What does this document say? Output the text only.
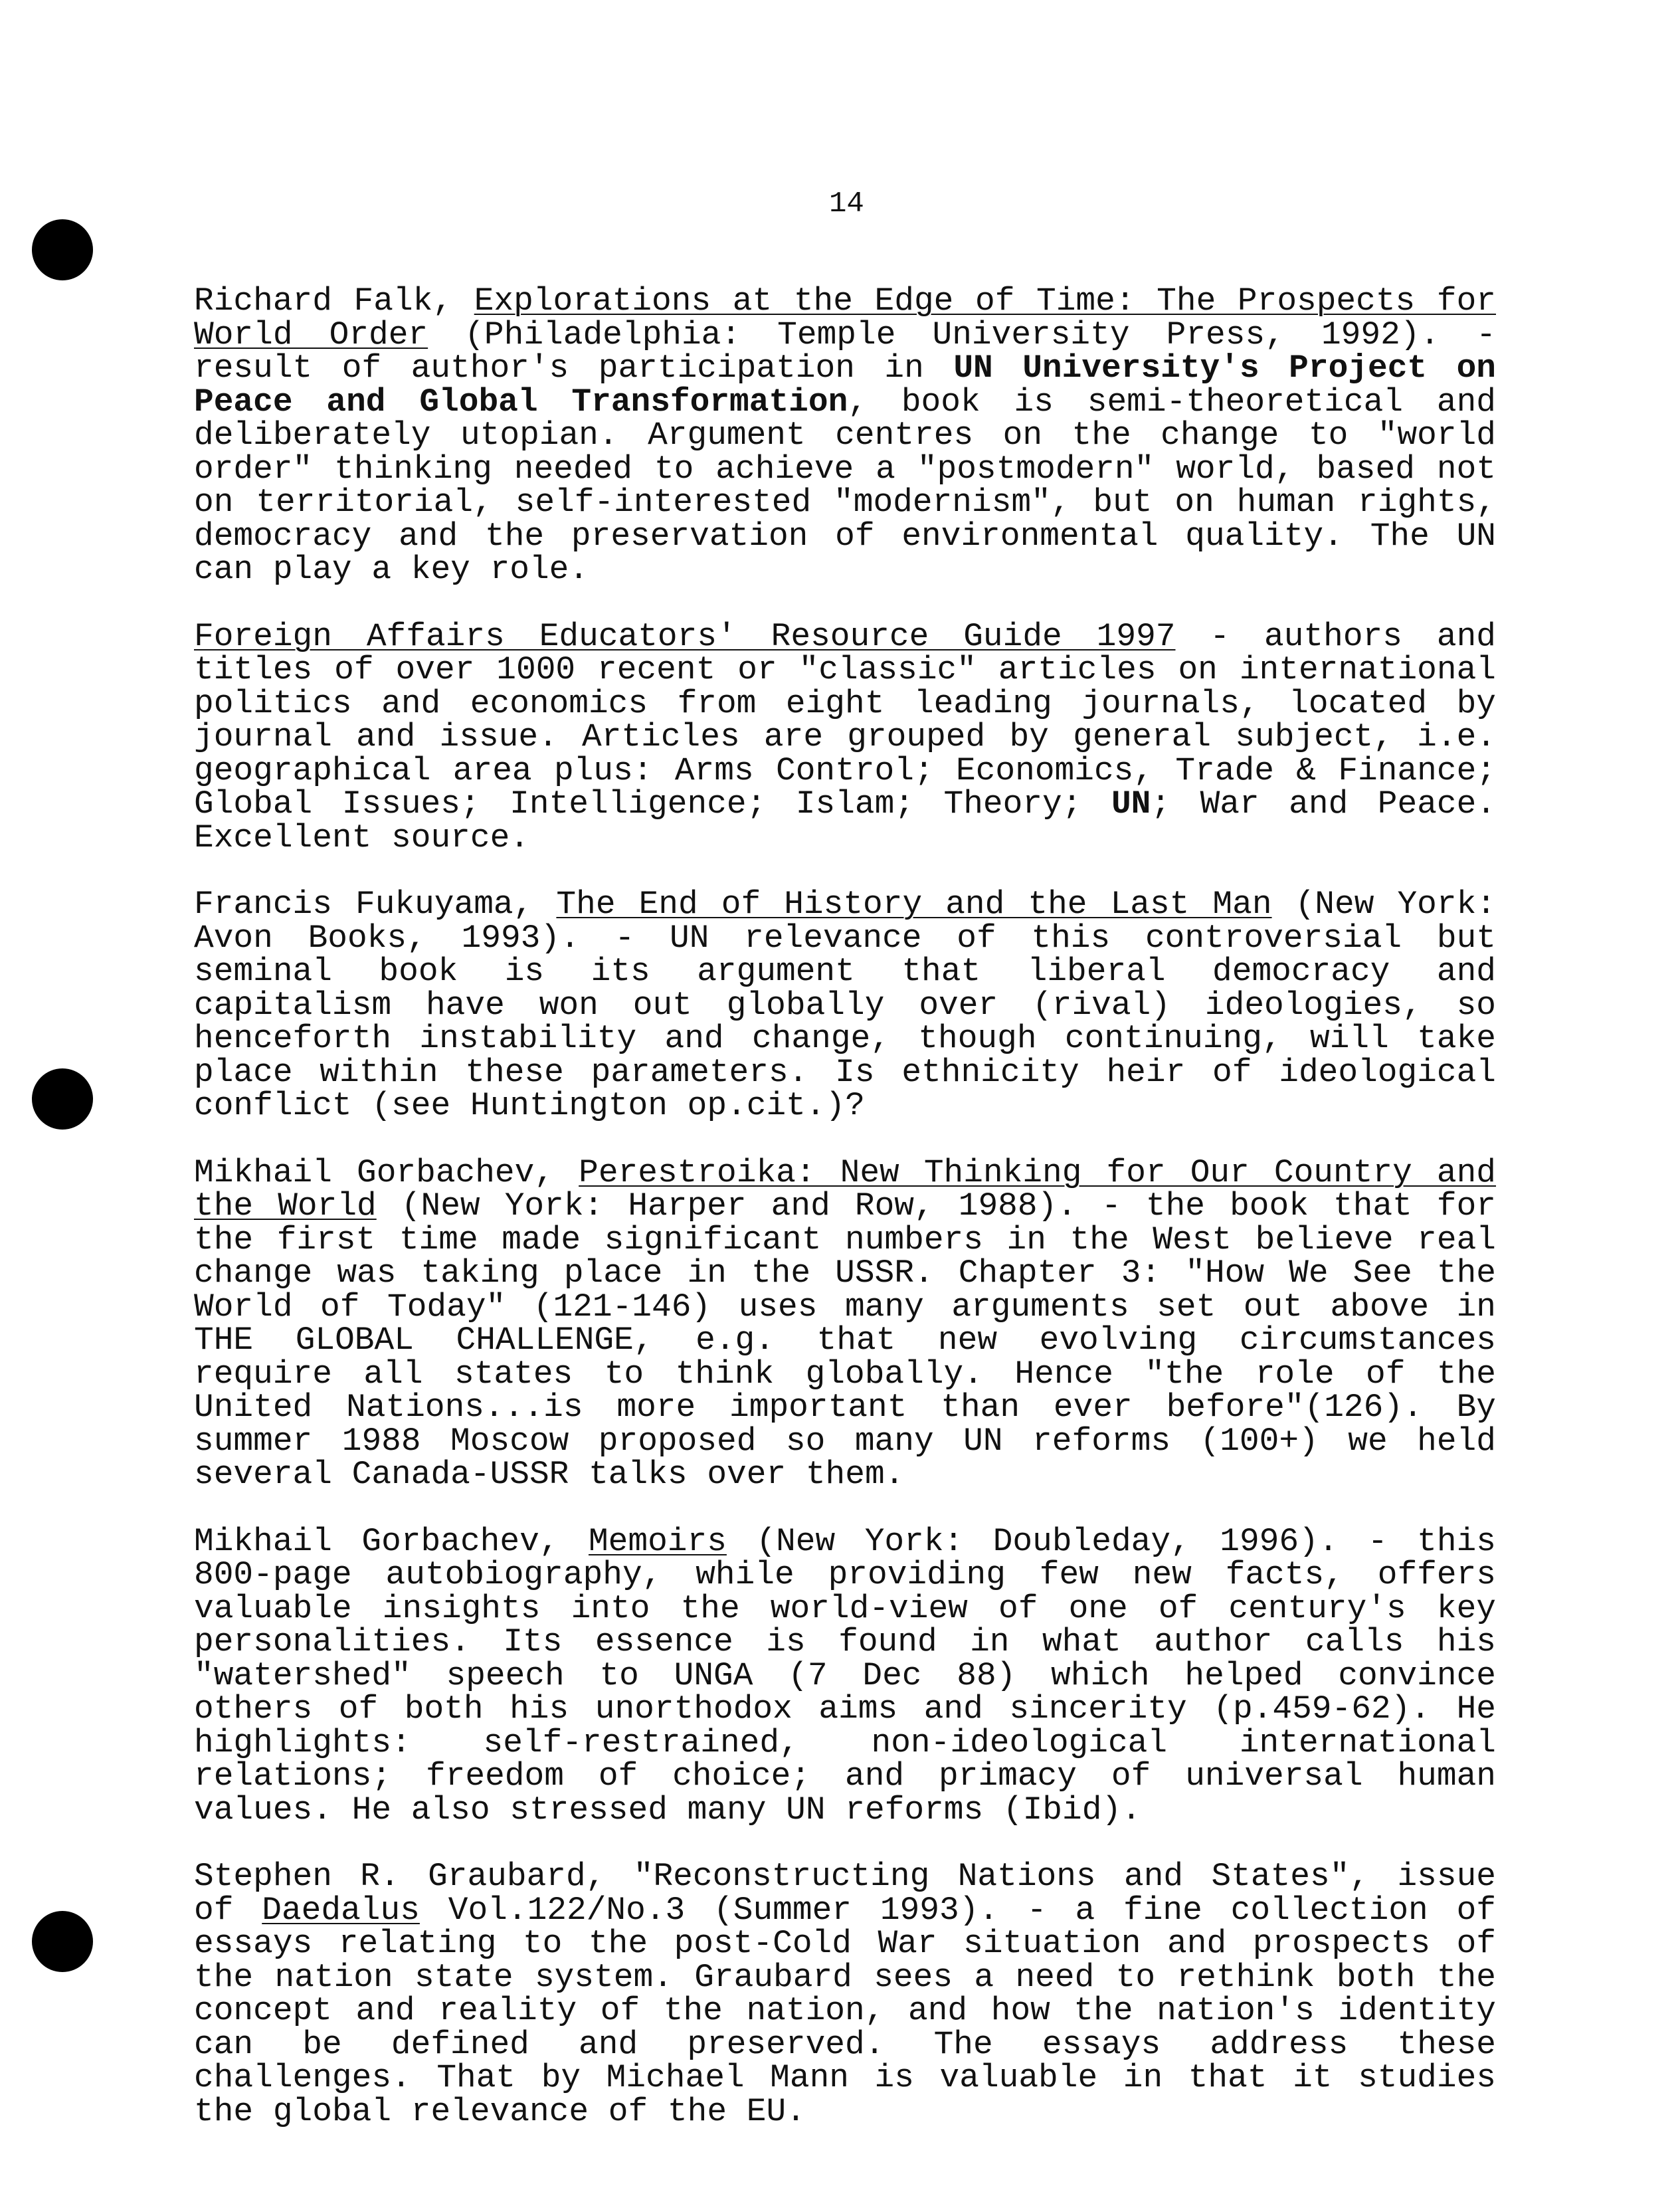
14

Richard Falk, Explorations at the Edge of Time: The Prospects for World Order (Philadelphia: Temple University Press, 1992). - result of author's participation in UN University's Project on Peace and Global Transformation, book is semi-theoretical and deliberately utopian. Argument centres on the change to "world order" thinking needed to achieve a "postmodern" world, based not on territorial, self-interested "modernism", but on human rights, democracy and the preservation of environmental quality. The UN can play a key role.

Foreign Affairs Educators' Resource Guide 1997 - authors and titles of over 1000 recent or "classic" articles on international politics and economics from eight leading journals, located by journal and issue. Articles are grouped by general subject, i.e. geographical area plus: Arms Control; Economics, Trade & Finance; Global Issues; Intelligence; Islam; Theory; UN; War and Peace. Excellent source.

Francis Fukuyama, The End of History and the Last Man (New York: Avon Books, 1993). - UN relevance of this controversial but seminal book is its argument that liberal democracy and capitalism have won out globally over (rival) ideologies, so henceforth instability and change, though continuing, will take place within these parameters. Is ethnicity heir of ideological conflict (see Huntington op.cit.)?

Mikhail Gorbachev, Perestroika: New Thinking for Our Country and the World (New York: Harper and Row, 1988). - the book that for the first time made significant numbers in the West believe real change was taking place in the USSR. Chapter 3: "How We See the World of Today" (121-146) uses many arguments set out above in THE GLOBAL CHALLENGE, e.g. that new evolving circumstances require all states to think globally. Hence "the role of the United Nations...is more important than ever before"(126). By summer 1988 Moscow proposed so many UN reforms (100+) we held several Canada-USSR talks over them.

Mikhail Gorbachev, Memoirs (New York: Doubleday, 1996). - this 800-page autobiography, while providing few new facts, offers valuable insights into the world-view of one of century's key personalities. Its essence is found in what author calls his "watershed" speech to UNGA (7 Dec 88) which helped convince others of both his unorthodox aims and sincerity (p.459-62). He highlights: self-restrained, non-ideological international relations; freedom of choice; and primacy of universal human values. He also stressed many UN reforms (Ibid).

Stephen R. Graubard, "Reconstructing Nations and States", issue of Daedalus Vol.122/No.3 (Summer 1993). - a fine collection of essays relating to the post-Cold War situation and prospects of the nation state system. Graubard sees a need to rethink both the concept and reality of the nation, and how the nation's identity can be defined and preserved. The essays address these challenges. That by Michael Mann is valuable in that it studies the global relevance of the EU.
